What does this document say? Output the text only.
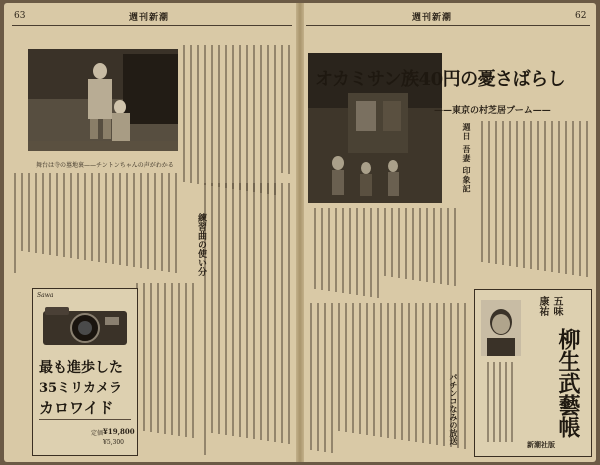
63	週刊新潮
舞台は寺の墓地裏——チントンちゃんの声がわかる
練習曲の使い分
Sawa
最も進歩した
35ミリカメラ
カロワイド
定価 ¥19,800
¥5,300
週刊新潮	62
オカミサン族40円の憂さばらし
——東京の村芝居ブーム——
週日 吾妻 印象記
パチンコなみの放送
五味
康祐
柳生武藝帳
新潮社版
